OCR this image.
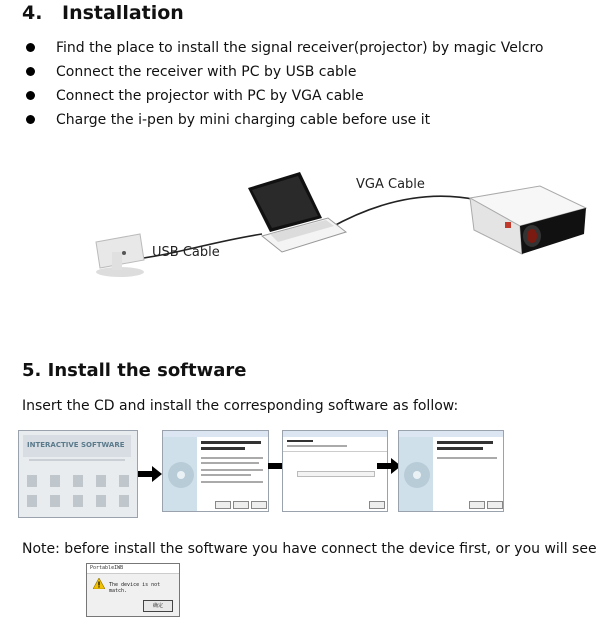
4. Installation
Find the place to install the signal receiver(projector) by magic Velcro
Connect the receiver with PC by USB cable
Connect the projector with PC by VGA cable
Charge the i-pen by mini charging cable before use it
VGA Cable
USB Cable
5. Install the software
Insert the CD and install the corresponding software as follow:
INTERACTIVE SOFTWARE
Note: before install the software you have connect the device first, or you will see
PortableIWB
The device is not match.
确定
